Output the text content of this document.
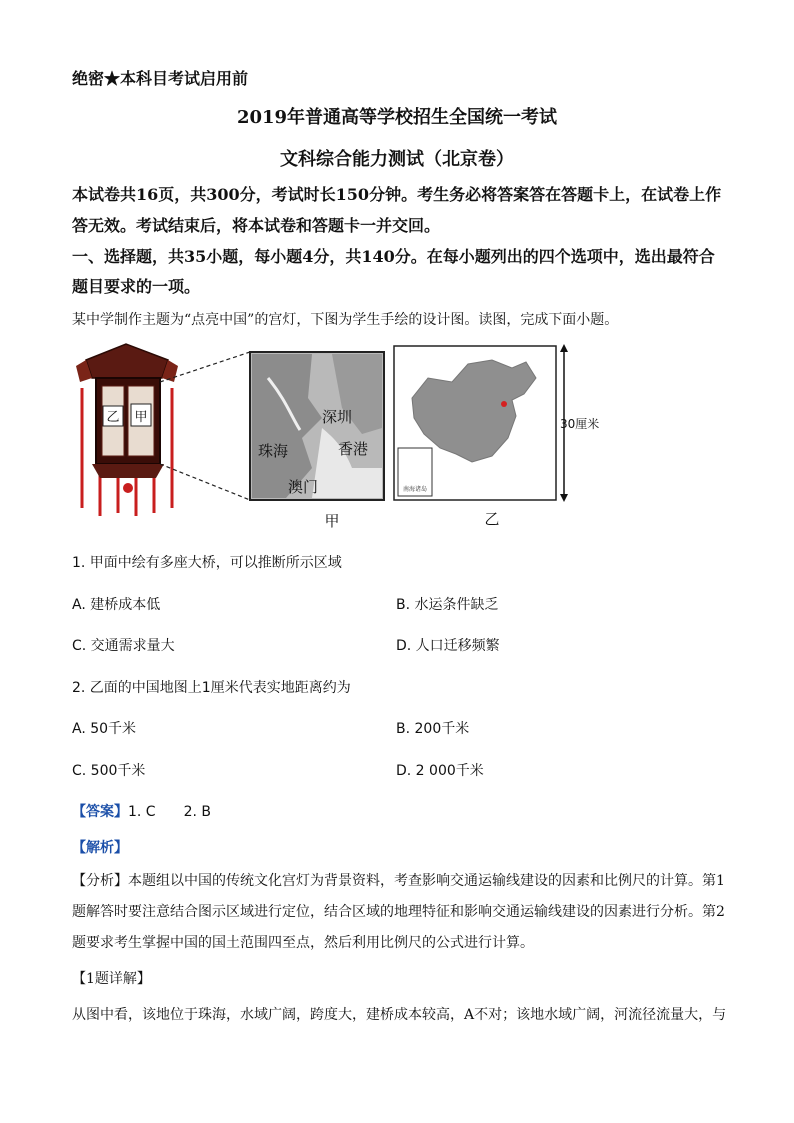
绝密★本科目考试启用前
2019年普通高等学校招生全国统一考试
文科综合能力测试（北京卷）
本试卷共16页，共300分，考试时长150分钟。考生务必将答案答在答题卡上，在试卷上作
答无效。考试结束后，将本试卷和答题卡一并交回。
一、选择题，共35小题，每小题4分，共140分。在每小题列出的四个选项中，选出最符合
题目要求的一项。
某中学制作主题为“点亮中国”的宫灯，下图为学生手绘的设计图。读图，完成下面小题。
乙 甲	深圳
珠海	香港
澳门
甲
南海诸岛
30厘米
乙
1. 甲面中绘有多座大桥，可以推断所示区域
A. 建桥成本低	B. 水运条件缺乏
C. 交通需求量大	D. 人口迁移频繁
2. 乙面的中国地图上1厘米代表实地距离约为
A. 50千米	B. 200千米
C. 500千米	D. 2 000千米
【答案】1. C　　2. B
【解析】
【分析】本题组以中国的传统文化宫灯为背景资料，考查影响交通运输线建设的因素和比例尺的计算。第1
题解答时要注意结合图示区域进行定位，结合区域的地理特征和影响交通运输线建设的因素进行分析。第2
题要求考生掌握中国的国土范围四至点，然后利用比例尺的公式进行计算。
【1题详解】
从图中看，该地位于珠海，水域广阔，跨度大，建桥成本较高，A不对；该地水域广阔，河流径流量大，与
